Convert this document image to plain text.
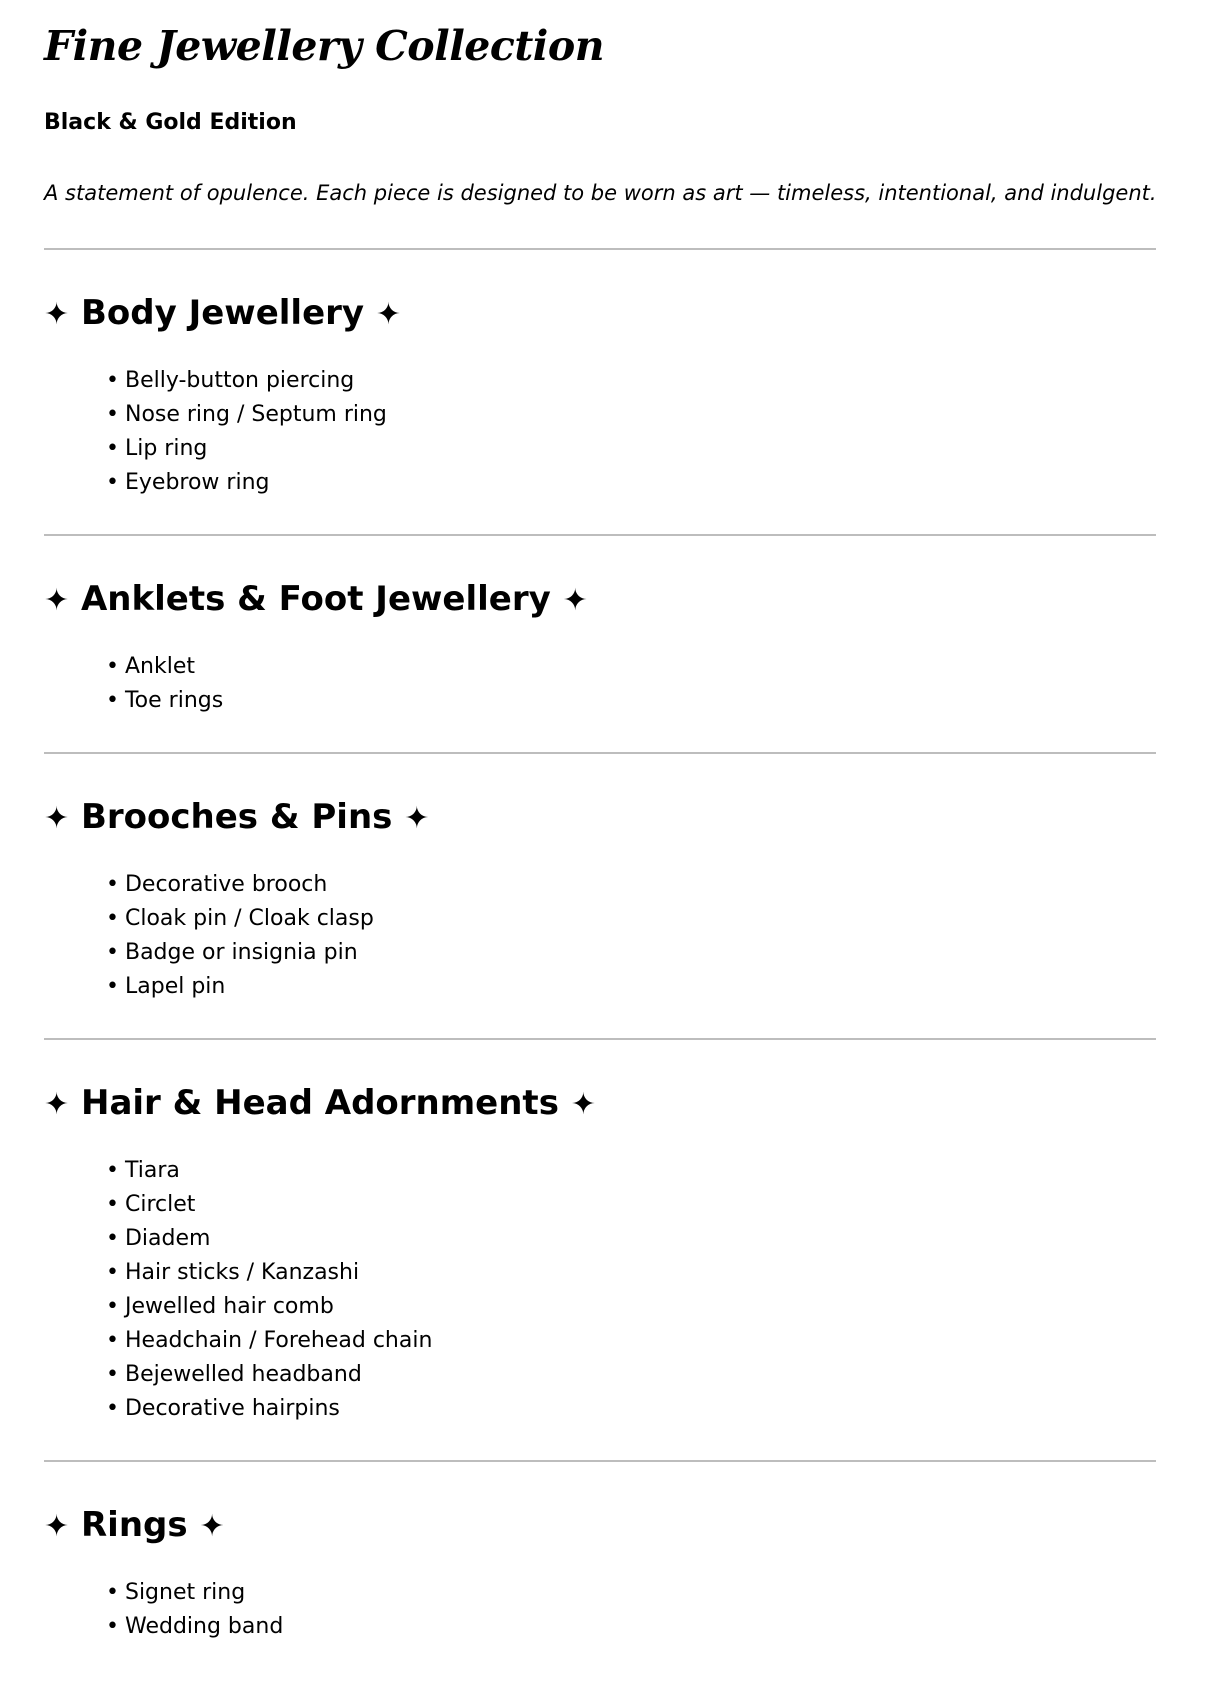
Fine Jewellery Collection
Black & Gold Edition
A statement of opulence. Each piece is designed to be worn as art — timeless, intentional, and indulgent.
✦ Body Jewellery ✦
• Belly-button piercing
• Nose ring / Septum ring
• Lip ring
• Eyebrow ring
✦ Anklets & Foot Jewellery ✦
• Anklet
• Toe rings
✦ Brooches & Pins ✦
• Decorative brooch
• Cloak pin / Cloak clasp
• Badge or insignia pin
• Lapel pin
✦ Hair & Head Adornments ✦
• Tiara
• Circlet
• Diadem
• Hair sticks / Kanzashi
• Jewelled hair comb
• Headchain / Forehead chain
• Bejewelled headband
• Decorative hairpins
✦ Rings ✦
• Signet ring
• Wedding band
